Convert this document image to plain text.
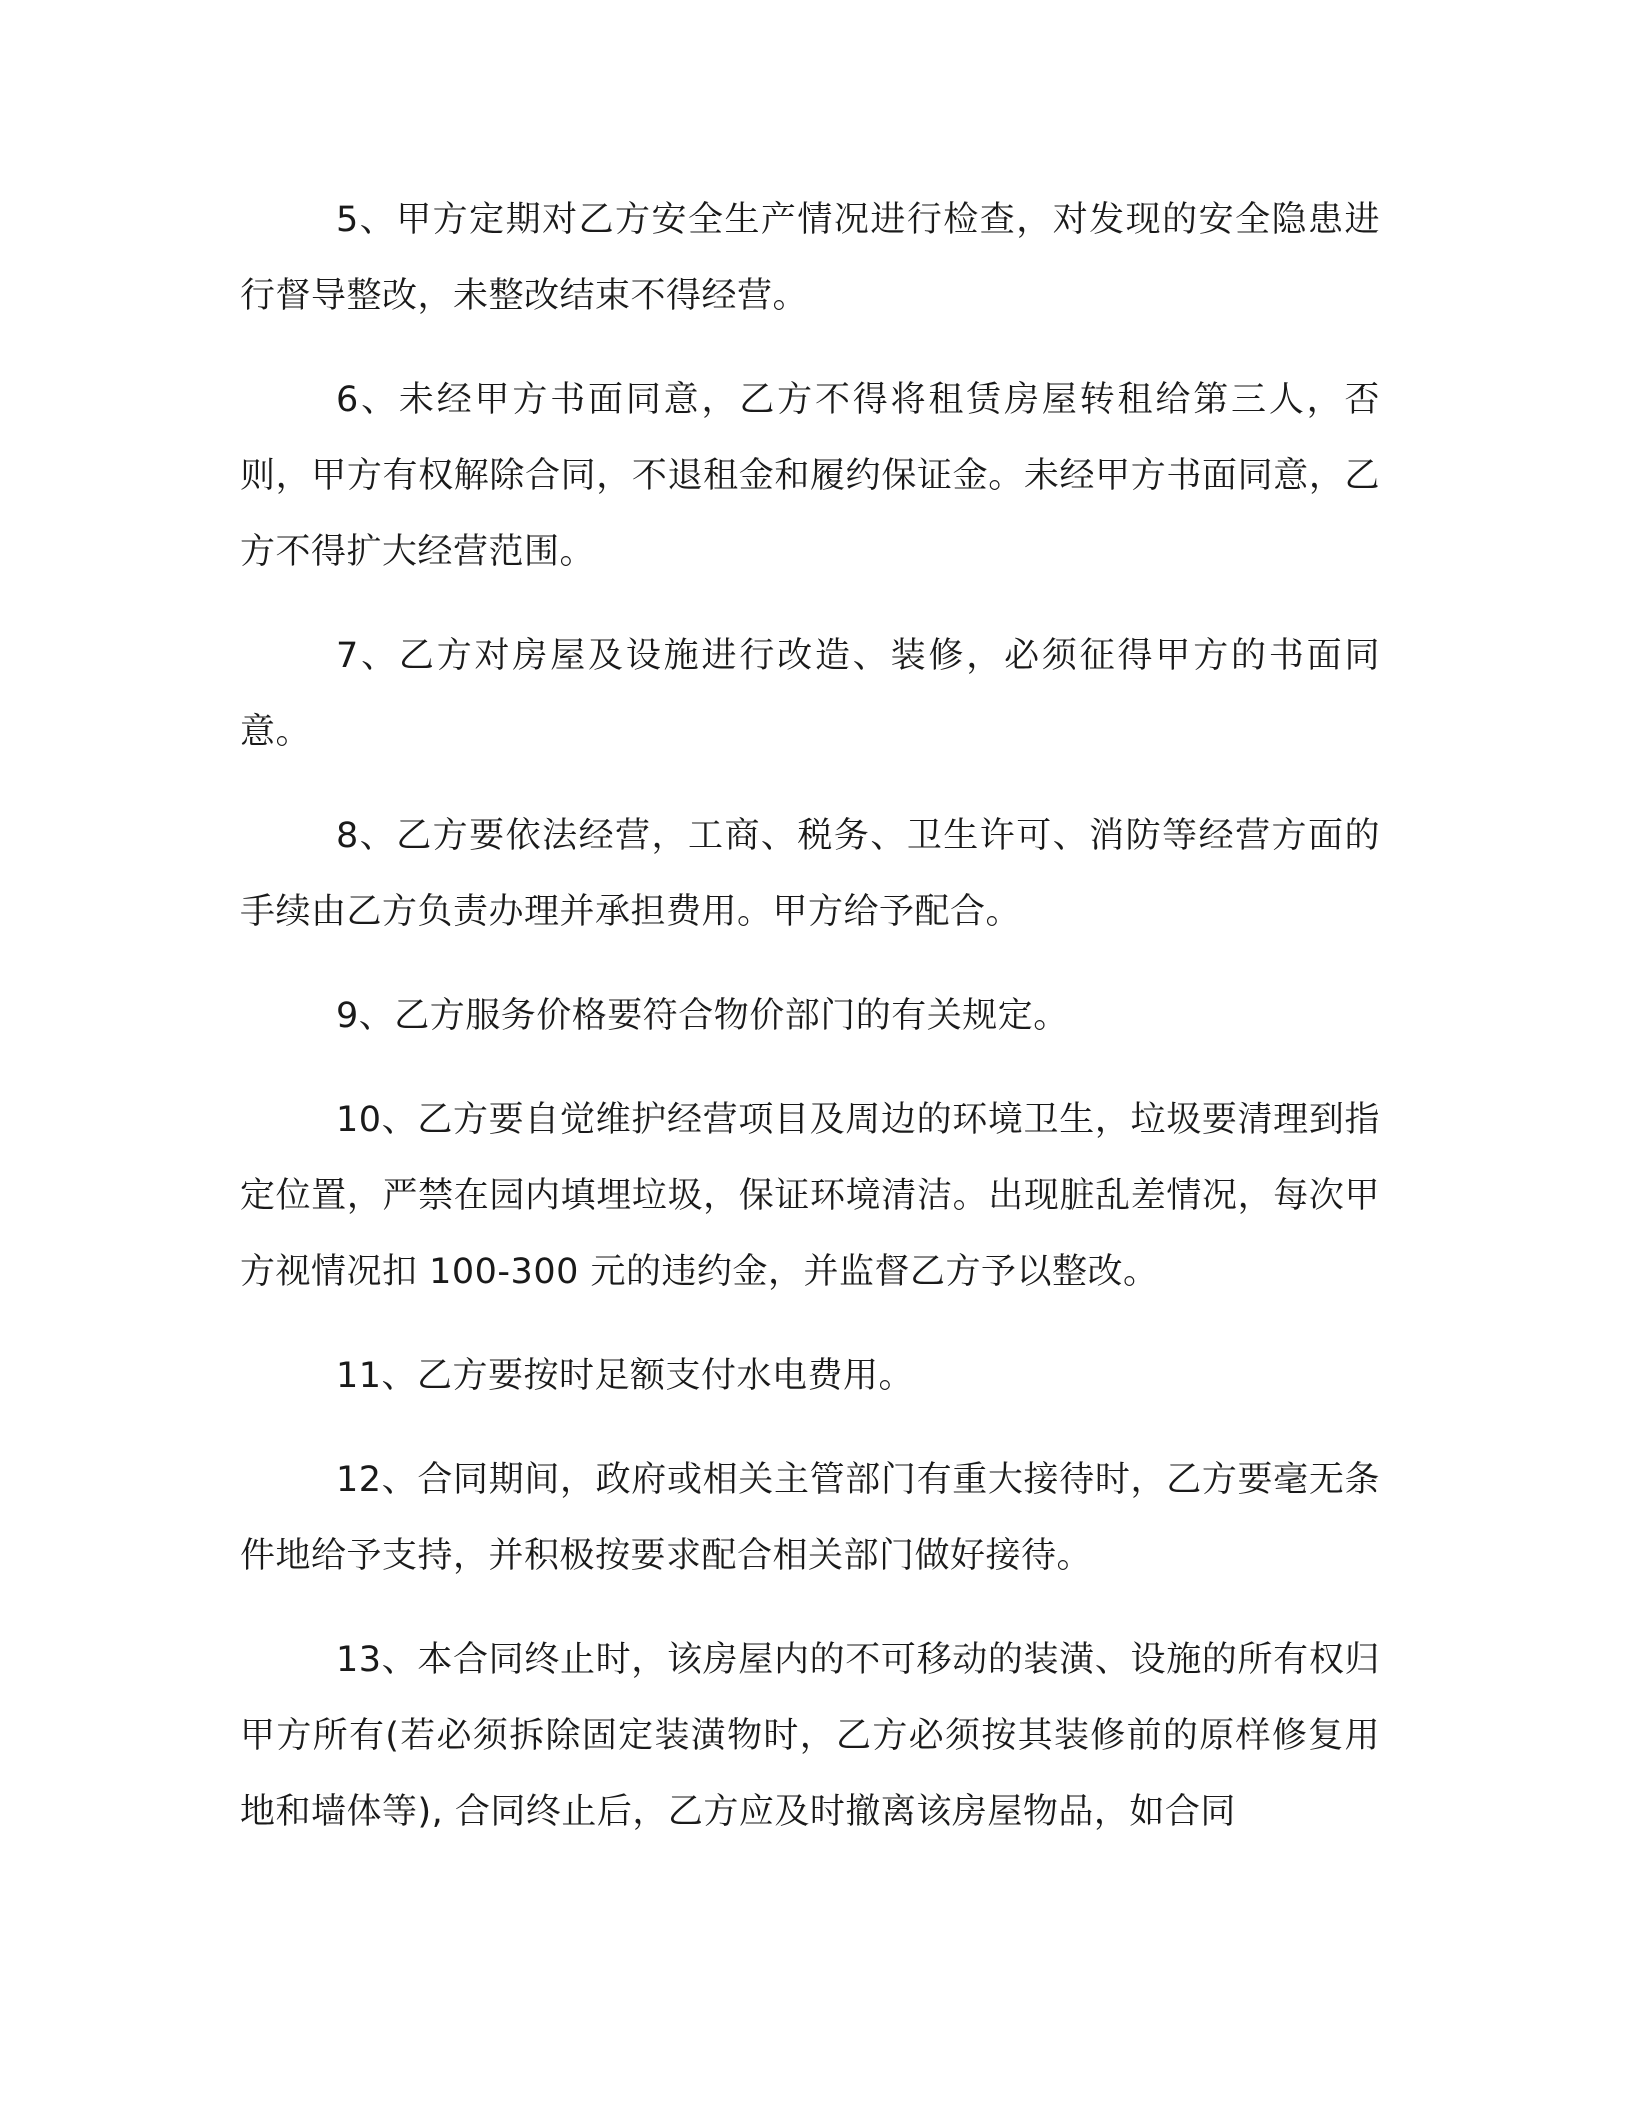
5、甲方定期对乙方安全生产情况进行检查，对发现的安全隐患进行督导整改，未整改结束不得经营。

6、未经甲方书面同意，乙方不得将租赁房屋转租给第三人，否则，甲方有权解除合同，不退租金和履约保证金。未经甲方书面同意，乙方不得扩大经营范围。

7、乙方对房屋及设施进行改造、装修，必须征得甲方的书面同意。

8、乙方要依法经营，工商、税务、卫生许可、消防等经营方面的手续由乙方负责办理并承担费用。甲方给予配合。

9、乙方服务价格要符合物价部门的有关规定。

10、乙方要自觉维护经营项目及周边的环境卫生，垃圾要清理到指定位置，严禁在园内填埋垃圾，保证环境清洁。出现脏乱差情况，每次甲方视情况扣 100-300 元的违约金，并监督乙方予以整改。

11、乙方要按时足额支付水电费用。

12、合同期间，政府或相关主管部门有重大接待时，乙方要毫无条件地给予支持，并积极按要求配合相关部门做好接待。

13、本合同终止时，该房屋内的不可移动的装潢、设施的所有权归甲方所有(若必须拆除固定装潢物时，乙方必须按其装修前的原样修复用地和墙体等), 合同终止后，乙方应及时撤离该房屋物品，如合同
